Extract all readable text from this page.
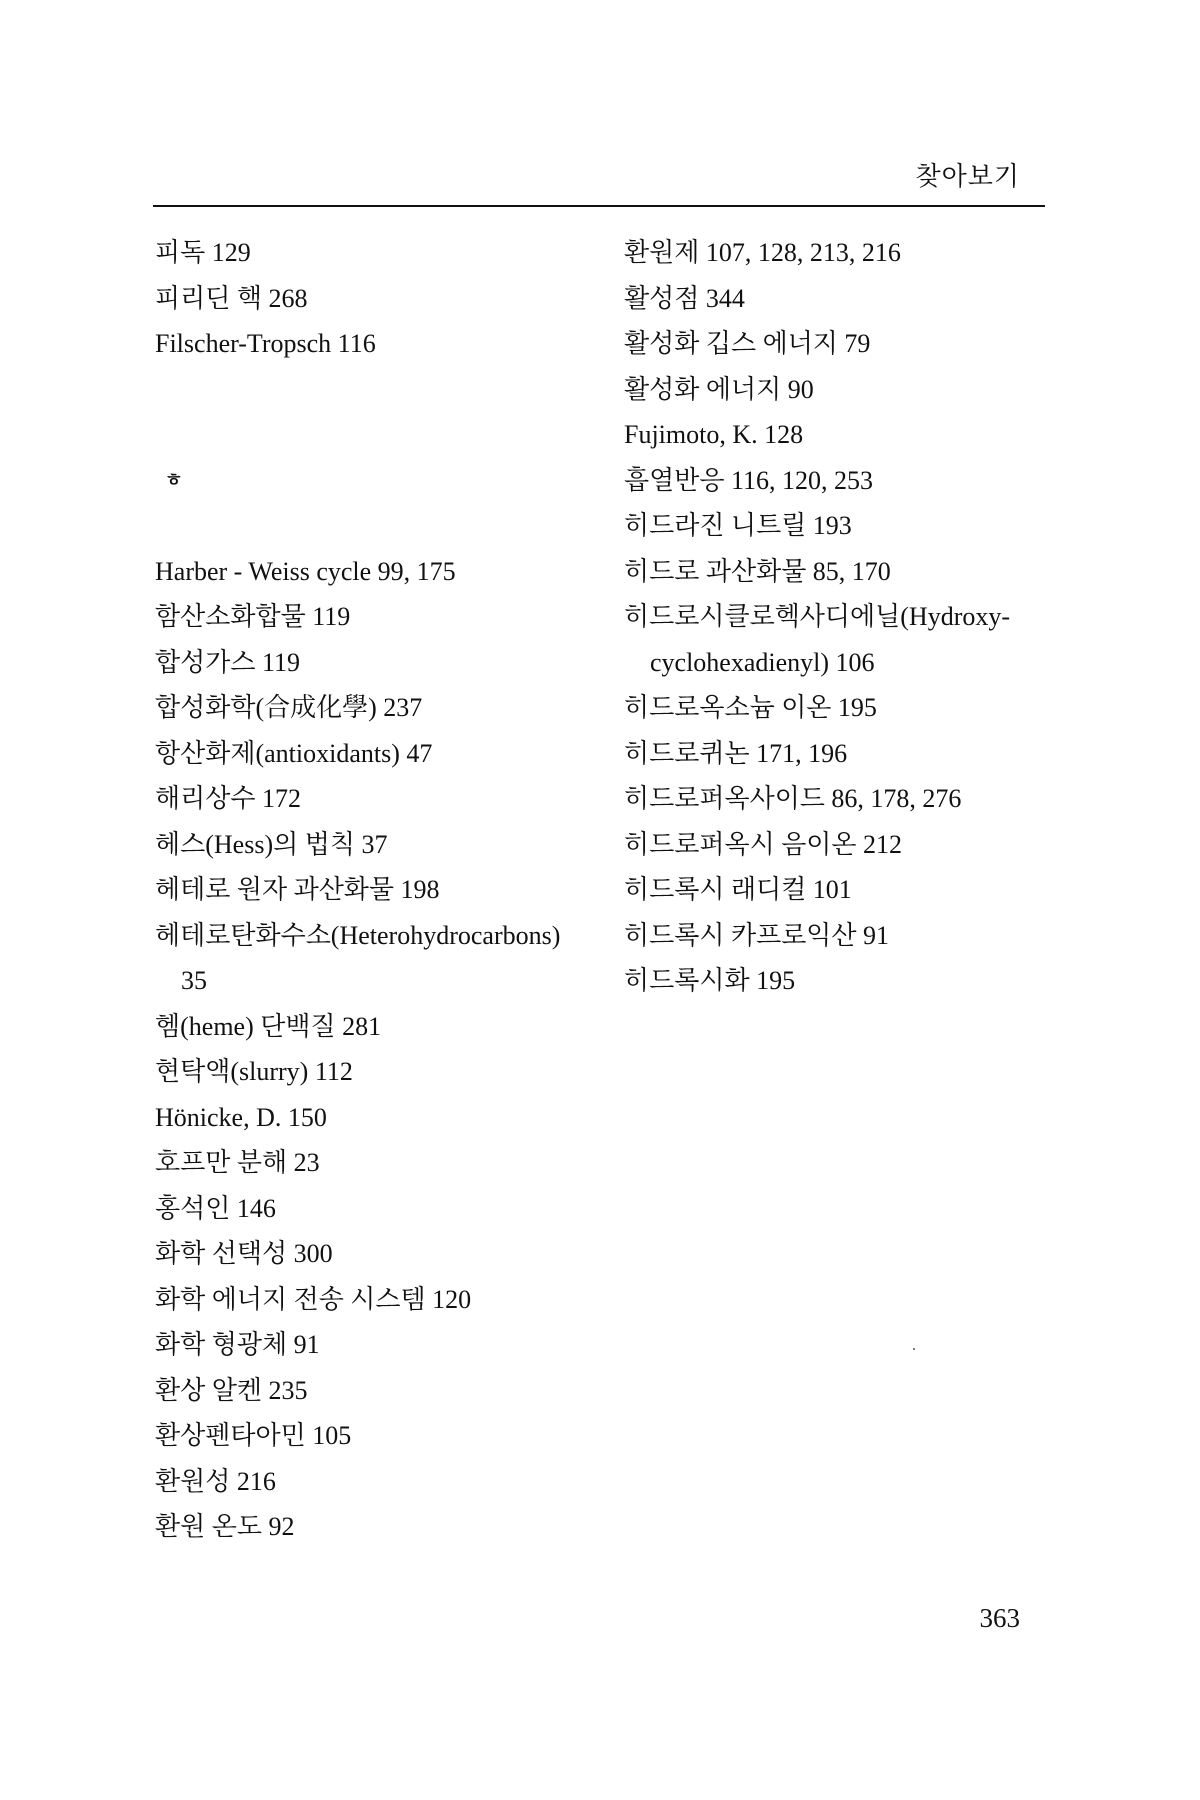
찾아보기
피독 129
피리딘 핵 268
Filscher-Tropsch 116
ㅎ
Harber - Weiss cycle 99, 175
함산소화합물 119
합성가스 119
합성화학(合成化學) 237
항산화제(antioxidants) 47
해리상수 172
헤스(Hess)의 법칙 37
헤테로 원자 과산화물 198
헤테로탄화수소(Heterohydrocarbons)
35
헴(heme) 단백질 281
현탁액(slurry) 112
Hönicke, D. 150
호프만 분해 23
홍석인 146
화학 선택성 300
화학 에너지 전송 시스템 120
화학 형광체 91
환상 알켄 235
환상펜타아민 105
환원성 216
환원 온도 92
환원제 107, 128, 213, 216
활성점 344
활성화 깁스 에너지 79
활성화 에너지 90
Fujimoto, K. 128
흡열반응 116, 120, 253
히드라진 니트릴 193
히드로 과산화물 85, 170
히드로시클로헥사디에닐(Hydroxy-
cyclohexadienyl) 106
히드로옥소늄 이온 195
히드로퀴논 171, 196
히드로퍼옥사이드 86, 178, 276
히드로퍼옥시 음이온 212
히드록시 래디컬 101
히드록시 카프로익산 91
히드록시화 195
363
